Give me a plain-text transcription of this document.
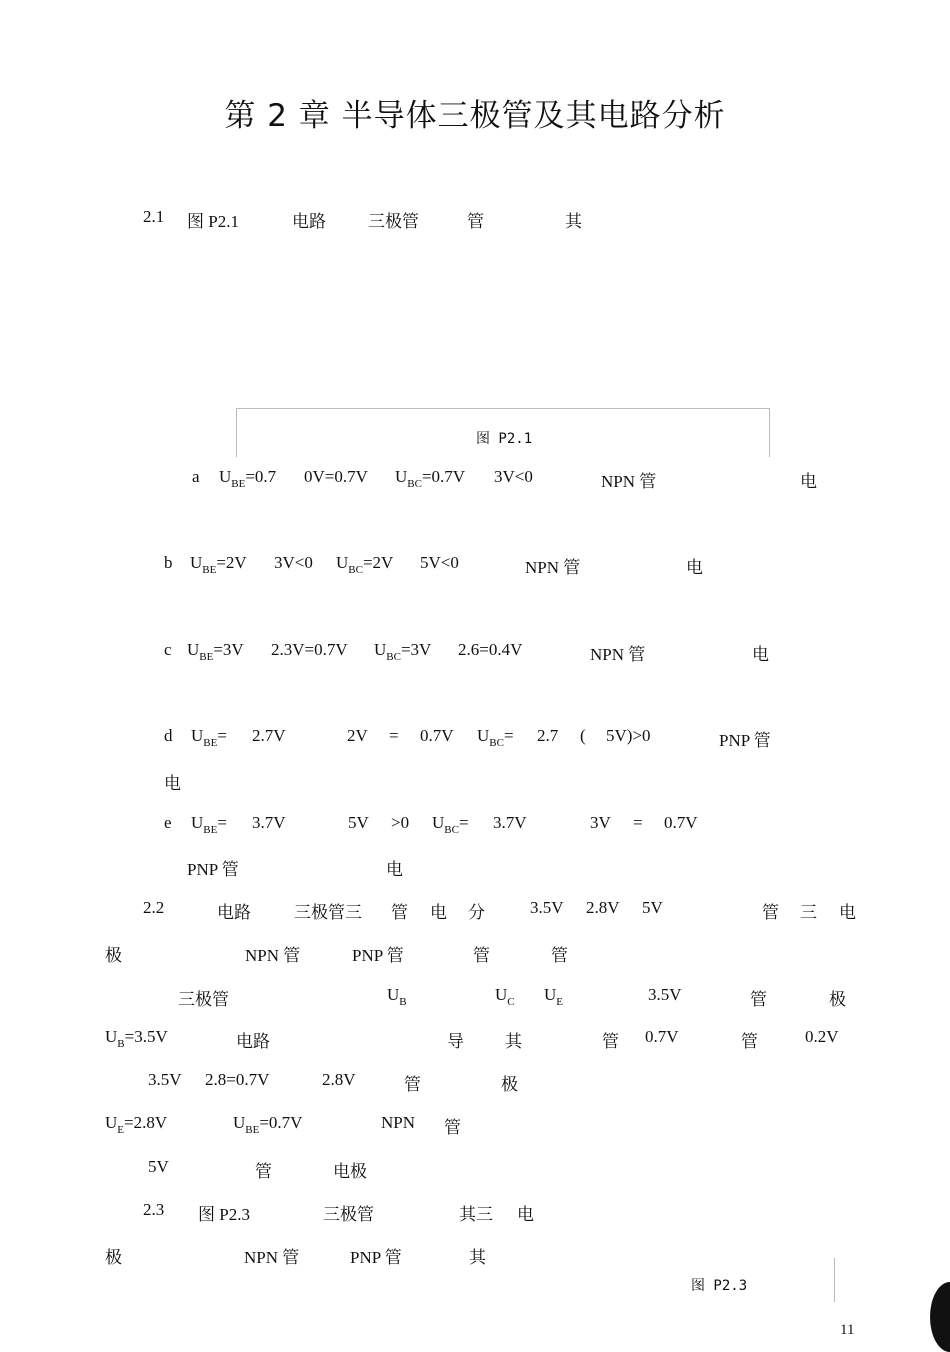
第 2 章 半导体三极管及其电路分析
2.1 图 P2.1	电路 三极管	管	其
图 P2.1
a $U_{BE}=0.7$ 0V=0.7V $U_{BC}=0.7V$ 3V<0	NPN 管	电
b $U_{BE}=2V$ 3V<0 $U_{BC}=2V$ 5V<0	NPN 管	电
c $U_{BE}=3V$ 2.3V=0.7V $U_{BC}=3V$ 2.6=0.4V	NPN 管	电
d $U_{BE}= 2.7V$	2V = 0.7V $U_{BC}= 2.7$ ( 5V)>0	PNP 管
电
e $U_{BE}= 3.7V$	5V >0 $U_{BC}= 3.7V$	3V = 0.7V
PNP 管	电
2.2	电路	三极管三 管 电 分	3.5V 2.8V 5V	管 三 电
极	NPN 管	PNP 管	管	管
三极管	$U_B$	$U_C$ $U_E$	3.5V	管	极
$U_B=3.5V$	电路	导 其	管 0.7V	管	0.2V
3.5V 2.8=0.7V	2.8V	管	极
$U_E=2.8V$	$U_{BE}=0.7V$	NPN 管
5V	管	电极
2.3 图 P2.3	三极管	其三 电
极	NPN 管	PNP 管	其
图 P2.3
11
